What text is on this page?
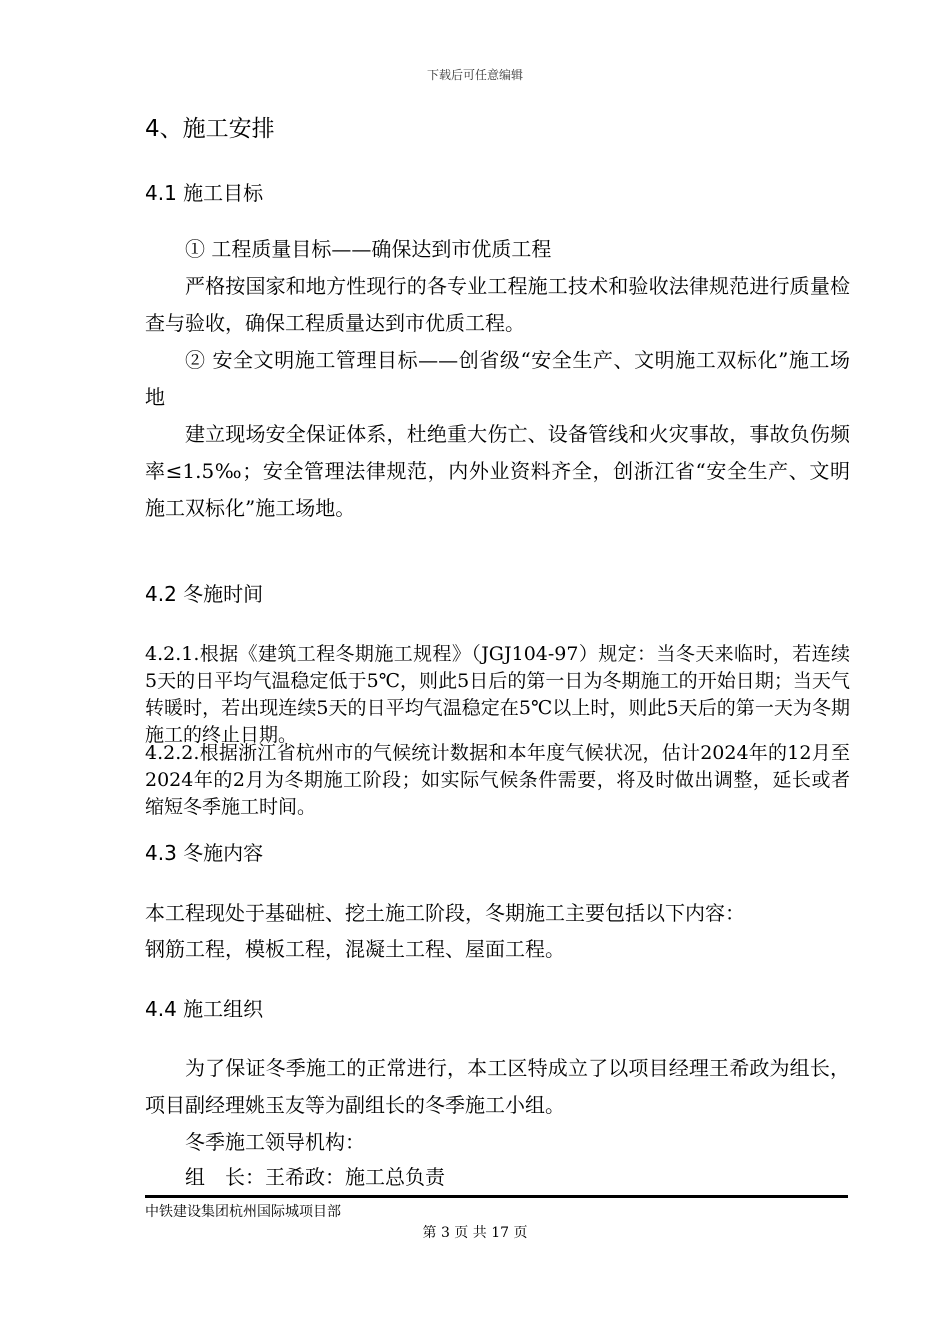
下载后可任意编辑
4、施工安排
4.1 施工目标

① 工程质量目标——确保达到市优质工程

严格按国家和地方性现行的各专业工程施工技术和验收法律规范进行质量检查与验收，确保工程质量达到市优质工程。

② 安全文明施工管理目标——创省级“安全生产、文明施工双标化”施工场地

建立现场安全保证体系，杜绝重大伤亡、设备管线和火灾事故，事故负伤频率≤1.5‰；安全管理法律规范，内外业资料齐全，创浙江省“安全生产、文明施工双标化”施工场地。

4.2 冬施时间

4.2.1.根据《建筑工程冬期施工规程》（JGJ104-97）规定：当冬天来临时，若连续5天的日平均气温稳定低于5℃，则此5日后的第一日为冬期施工的开始日期；当天气转暖时，若出现连续5天的日平均气温稳定在5℃以上时，则此5天后的第一天为冬期施工的终止日期。

4.2.2.根据浙江省杭州市的气候统计数据和本年度气候状况，估计2024年的12月至2024年的2月为冬期施工阶段；如实际气候条件需要，将及时做出调整，延长或者缩短冬季施工时间。

4.3 冬施内容

本工程现处于基础桩、挖土施工阶段，冬期施工主要包括以下内容：

钢筋工程，模板工程，混凝土工程、屋面工程。

4.4 施工组织

为了保证冬季施工的正常进行，本工区特成立了以项目经理王希政为组长，项目副经理姚玉友等为副组长的冬季施工小组。

冬季施工领导机构：

组　长：王希政：施工总负责

中铁建设集团杭州国际城项目部
第 3 页 共 17 页
